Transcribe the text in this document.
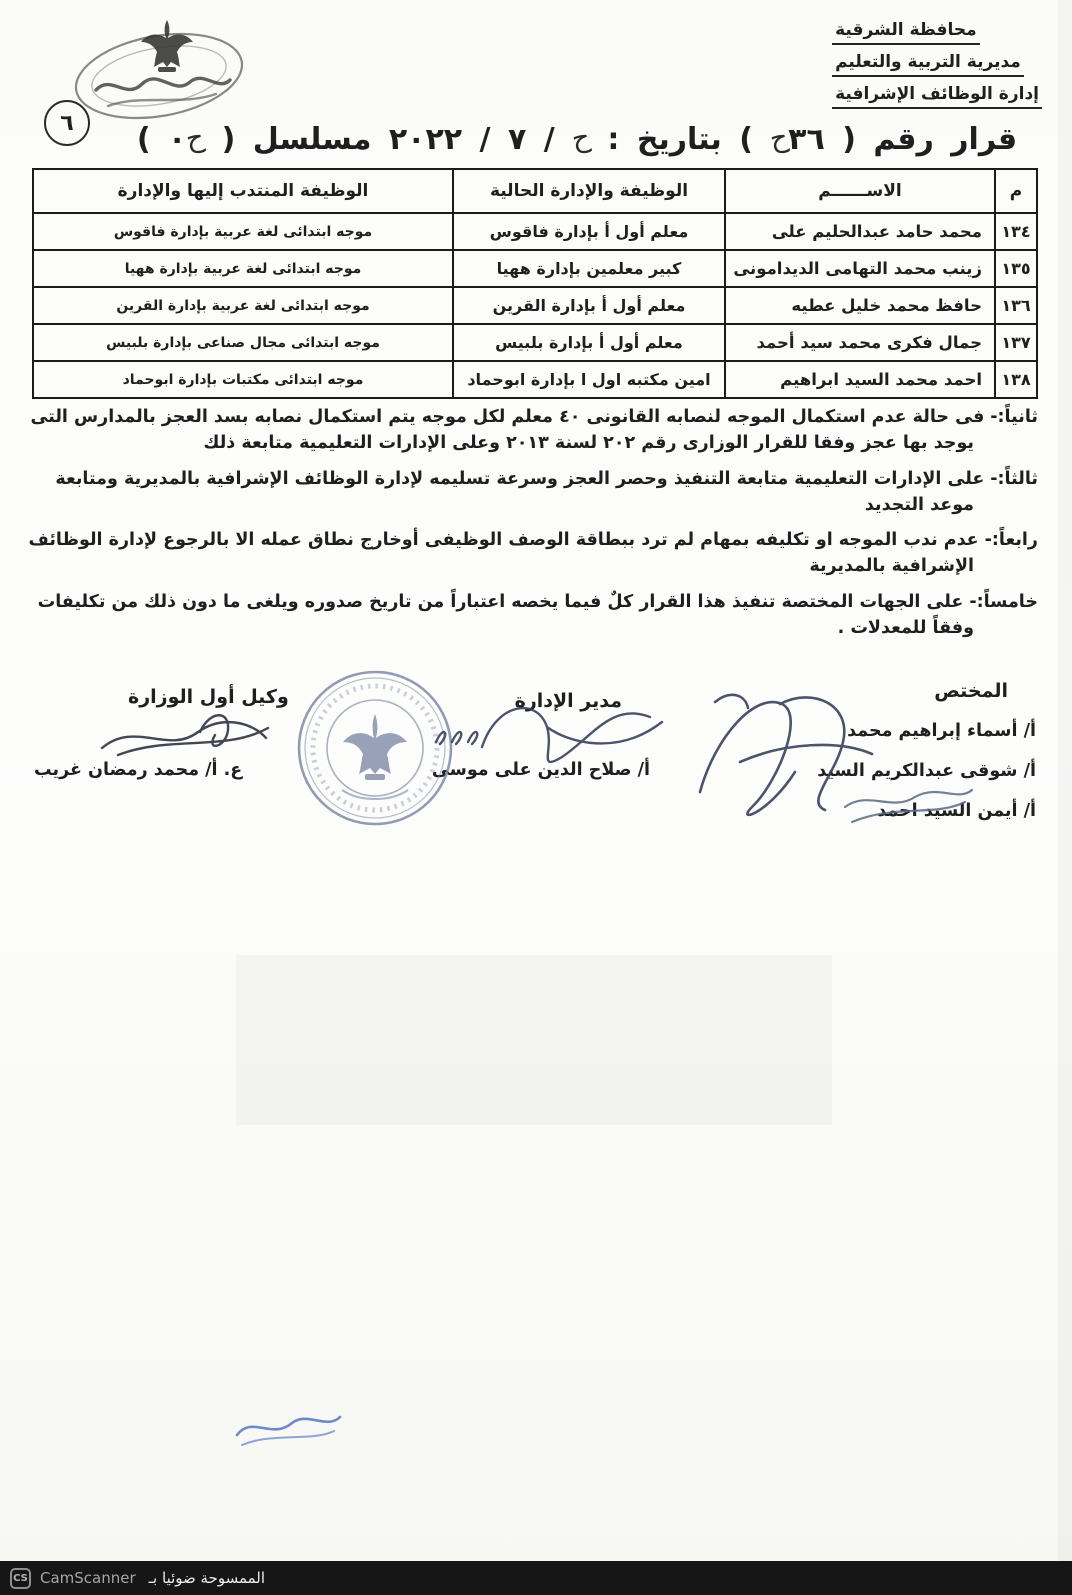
محافظة الشرقية
مديرية التربية والتعليم
إدارة الوظائف الإشرافية
٦	قرار رقم ( ٣٦ح ) بتاريخ : ح / ٧ / ٢٠٢٢ مسلسل ( ح٠ )
م	الاســــــم	الوظيفة والإدارة الحالية	الوظيفة المنتدب إليها والإدارة
١٣٤	محمد حامد عبدالحليم على	معلم أول أ بإدارة فاقوس	موجه ابتدائى لغة عربية بإدارة فاقوس
١٣٥	زينب محمد التهامى الديدامونى	كبير معلمين بإدارة ههيا	موجه ابتدائى لغة عربية بإدارة ههيا
١٣٦	حافظ محمد خليل عطيه	معلم أول أ بإدارة القرين	موجه ابتدائى لغة عربية بإدارة القرين
١٣٧	جمال فكرى محمد سيد أحمد	معلم أول أ بإدارة بلبيس	موجه ابتدائى مجال صناعى بإدارة بلبيس
١٣٨	احمد محمد السيد ابراهيم	امين مكتبه اول ا بإدارة ابوحماد	موجه ابتدائى مكتبات بإدارة ابوحماد

ثانياً:-فى حالة عدم استكمال الموجه لنصابه القانونى ٤٠ معلم لكل موجه يتم استكمال نصابه بسد العجز بالمدارس التى يوجد بها عجز وفقا للقرار الوزارى رقم ٢٠٢ لسنة ٢٠١٣ وعلى الإدارات التعليمية متابعة ذلك

ثالثاً:-على الإدارات التعليمية متابعة التنفيذ وحصر العجز وسرعة تسليمه لإدارة الوظائف الإشرافية بالمديرية ومتابعة موعد التجديد

رابعاً:-عدم ندب الموجه او تكليفه بمهام لم ترد ببطاقة الوصف الوظيفى أوخارج نطاق عمله الا بالرجوع لإدارة الوظائف الإشرافية بالمديرية

خامساً:-على الجهات المختصة تنفيذ هذا القرار كلٌ فيما يخصه اعتباراً من تاريخ صدوره ويلغى ما دون ذلك من تكليفات وفقاً للمعدلات .

المختص
أ/ أسماء إبراهيم محمد
أ/ شوقى عبدالكريم السيد
أ/ أيمن السيد احمد
مدير الإدارة
أ/ صلاح الدين على موسى
وكيل أول الوزارة
ع. أ/ محمد رمضان غريب
CS CamScanner الممسوحة ضوئيا بـ
